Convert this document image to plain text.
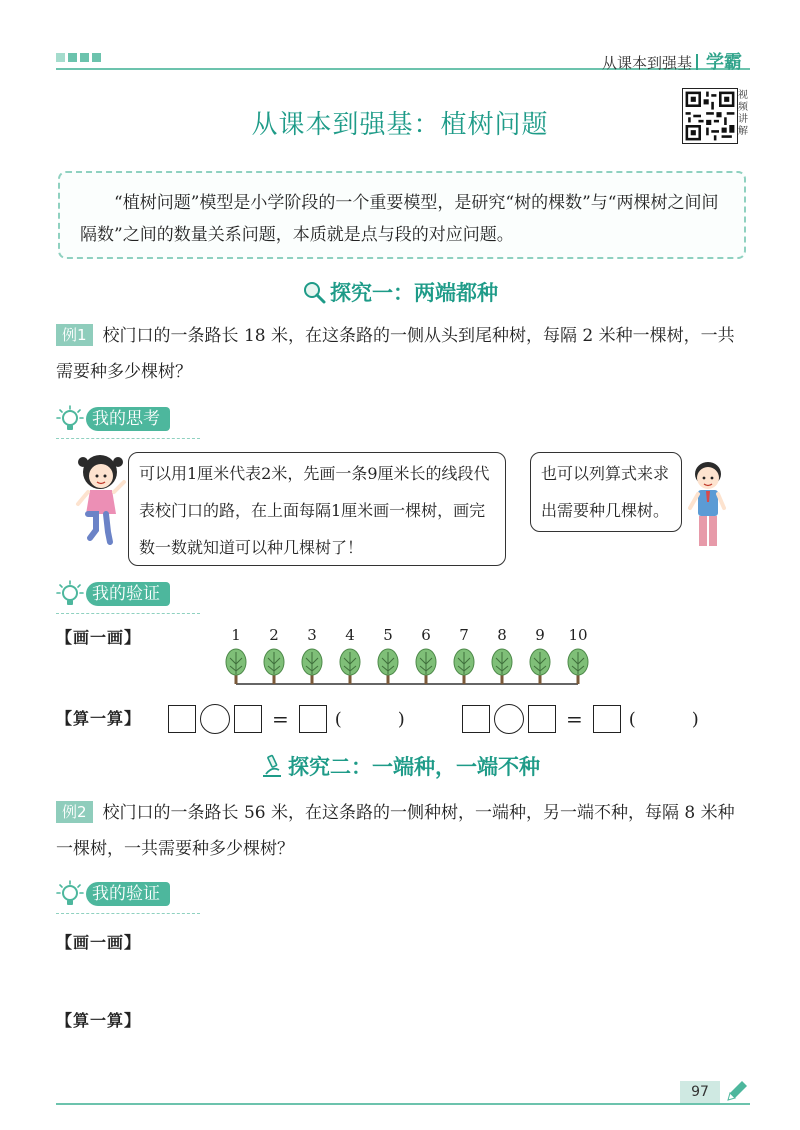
从课本到强基 学霸
从课本到强基：植树问题
视频讲解

“植树问题”模型是小学阶段的一个重要模型，是研究“树的棵数”与“两棵树之间间隔数”之间的数量关系问题，本质就是点与段的对应问题。

探究一：两端都种
例1 校门口的一条路长 18 米，在这条路的一侧从头到尾种树，每隔 2 米种一棵树，一共需要种多少棵树？
我的思考
可以用1厘米代表2米，先画一条9厘米长的线段代表校门口的路，在上面每隔1厘米画一棵树，画完数一数就知道可以种几棵树了！
也可以列算式来求出需要种几棵树。
我的验证
【画一画】	1 2 3 4 5 6 7 8 9 10
【算一算】	=	(	)	=	(	)
探究二：一端种，一端不种
例2 校门口的一条路长 56 米，在这条路的一侧种树，一端种，另一端不种，每隔 8 米种一棵树，一共需要种多少棵树？
我的验证
【画一画】
【算一算】
97
